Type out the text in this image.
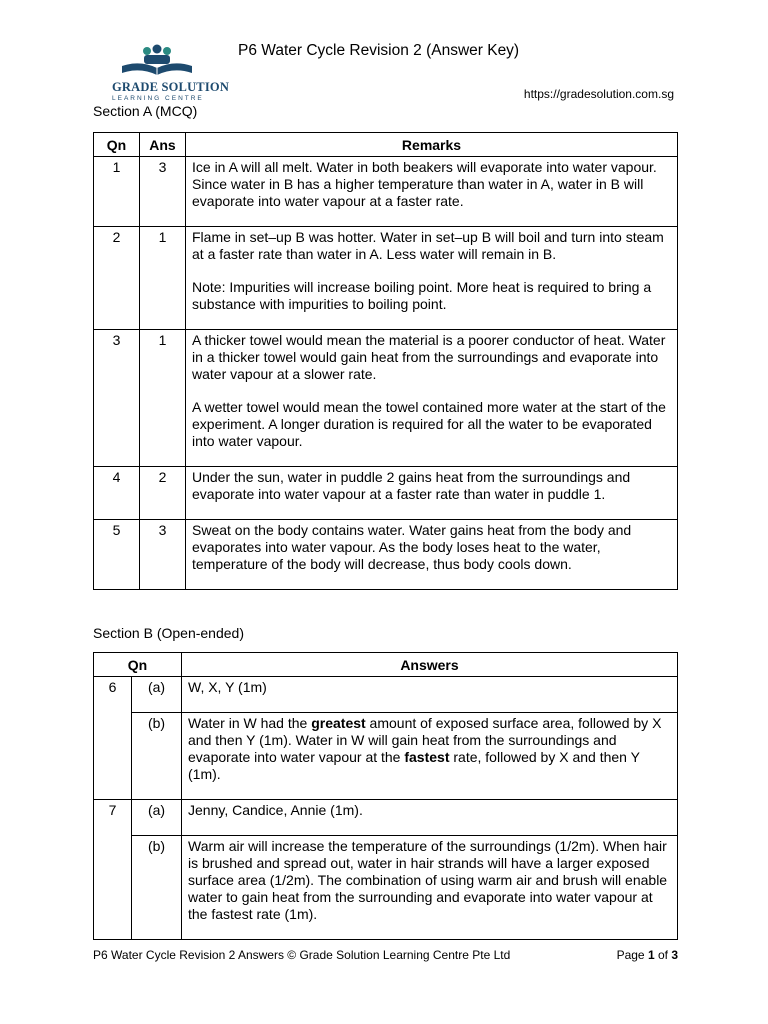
GRADE SOLUTION
LEARNING CENTRE
P6 Water Cycle Revision 2 (Answer Key)
https://gradesolution.com.sg
Section A (MCQ)
Qn	Ans	Remarks
1	3	Ice in A will all melt. Water in both beakers will evaporate into water vapour. Since water in B has a higher temperature than water in A, water in B will evaporate into water vapour at a faster rate.

2	1	Flame in set–up B was hotter. Water in set–up B will boil and turn into steam at a faster rate than water in A. Less water will remain in B.

Note: Impurities will increase boiling point. More heat is required to bring a substance with impurities to boiling point.

3	1	A thicker towel would mean the material is a poorer conductor of heat. Water in a thicker towel would gain heat from the surroundings and evaporate into water vapour at a slower rate.

A wetter towel would mean the towel contained more water at the start of the experiment. A longer duration is required for all the water to be evaporated into water vapour.

4	2	Under the sun, water in puddle 2 gains heat from the surroundings and evaporate into water vapour at a faster rate than water in puddle 1.

5	3	Sweat on the body contains water. Water gains heat from the body and evaporates into water vapour. As the body loses heat to the water, temperature of the body will decrease, thus body cools down.

Section B (Open-ended)
Qn		Answers
6	(a)	W, X, Y (1m)

	(b)	Water in W had the greatest amount of exposed surface area, followed by X and then Y (1m). Water in W will gain heat from the surroundings and evaporate into water vapour at the fastest rate, followed by X and then Y (1m).

7	(a)	Jenny, Candice, Annie (1m).

	(b)	Warm air will increase the temperature of the surroundings (1/2m). When hair is brushed and spread out, water in hair strands will have a larger exposed surface area (1/2m). The combination of using warm air and brush will enable water to gain heat from the surrounding and evaporate into water vapour at the fastest rate (1m).

P6 Water Cycle Revision 2 Answers © Grade Solution Learning Centre Pte Ltd	Page 1 of 3
